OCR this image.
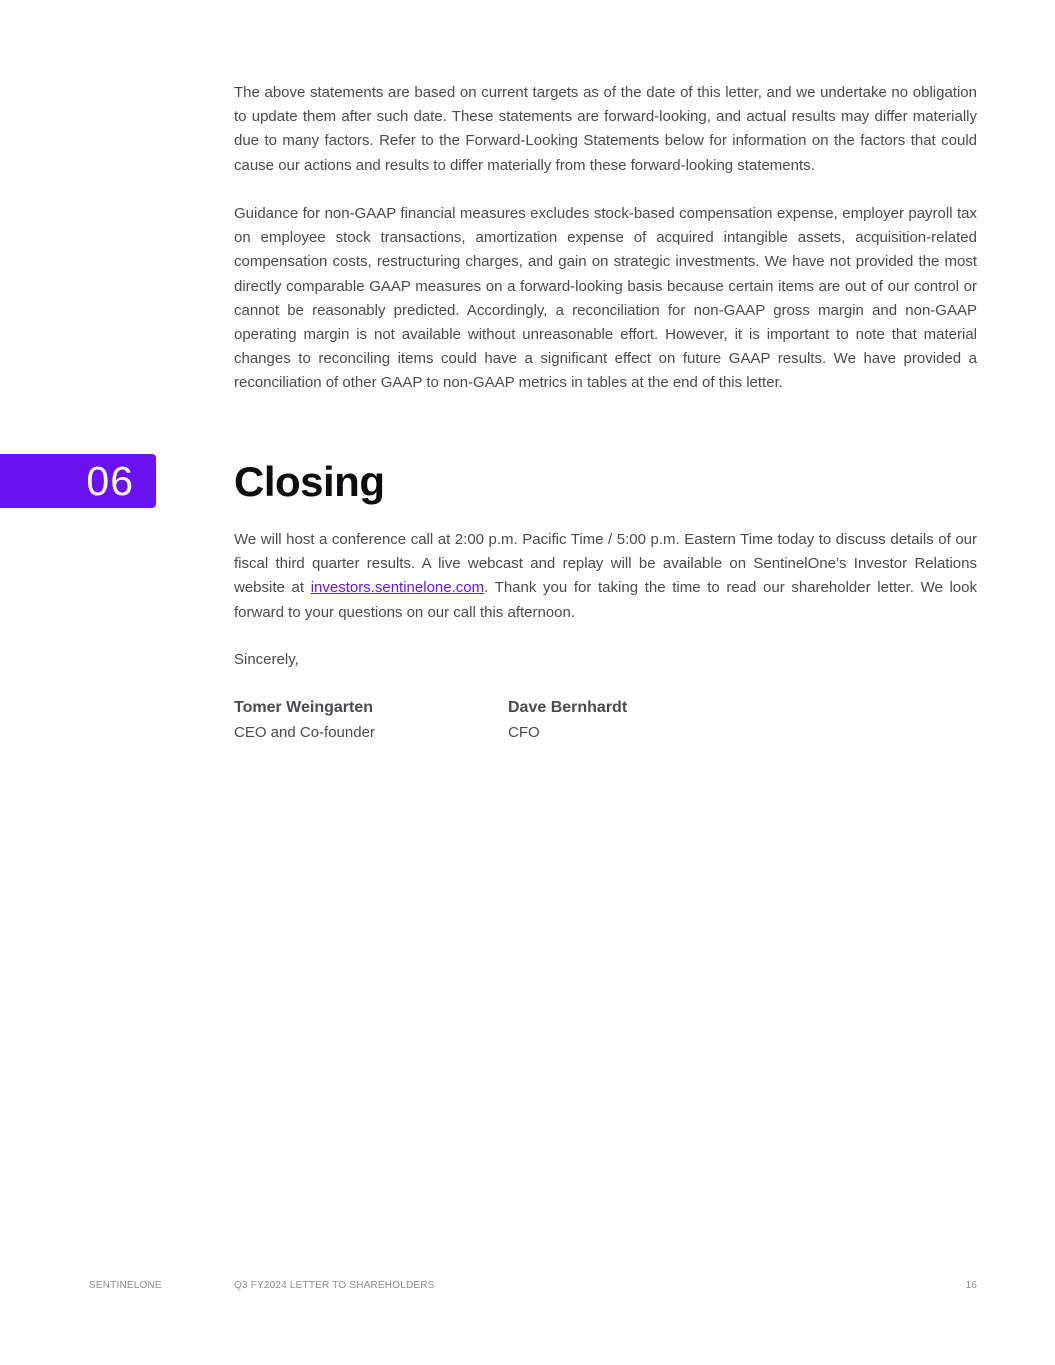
The above statements are based on current targets as of the date of this letter, and we undertake no obligation to update them after such date. These statements are forward-looking, and actual results may differ materially due to many factors. Refer to the Forward-Looking Statements below for information on the factors that could cause our actions and results to differ materially from these forward-looking statements.

Guidance for non-GAAP financial measures excludes stock-based compensation expense, employer payroll tax on employee stock transactions, amortization expense of acquired intangible assets, acquisition-related compensation costs, restructuring charges, and gain on strategic investments. We have not provided the most directly comparable GAAP measures on a forward-looking basis because certain items are out of our control or cannot be reasonably predicted. Accordingly, a reconciliation for non-GAAP gross margin and non-GAAP operating margin is not available without unreasonable effort. However, it is important to note that material changes to reconciling items could have a significant effect on future GAAP results. We have provided a reconciliation of other GAAP to non-GAAP metrics in tables at the end of this letter.

06 Closing

We will host a conference call at 2:00 p.m. Pacific Time / 5:00 p.m. Eastern Time today to discuss details of our fiscal third quarter results. A live webcast and replay will be available on SentinelOne’s Investor Relations website at investors.sentinelone.com. Thank you for taking the time to read our shareholder letter. We look forward to your questions on our call this afternoon.

Sincerely,
Tomer Weingarten
CEO and Co-founder
Dave Bernhardt
CFO
SENTINELONE	Q3 FY2024 LETTER TO SHAREHOLDERS	16
